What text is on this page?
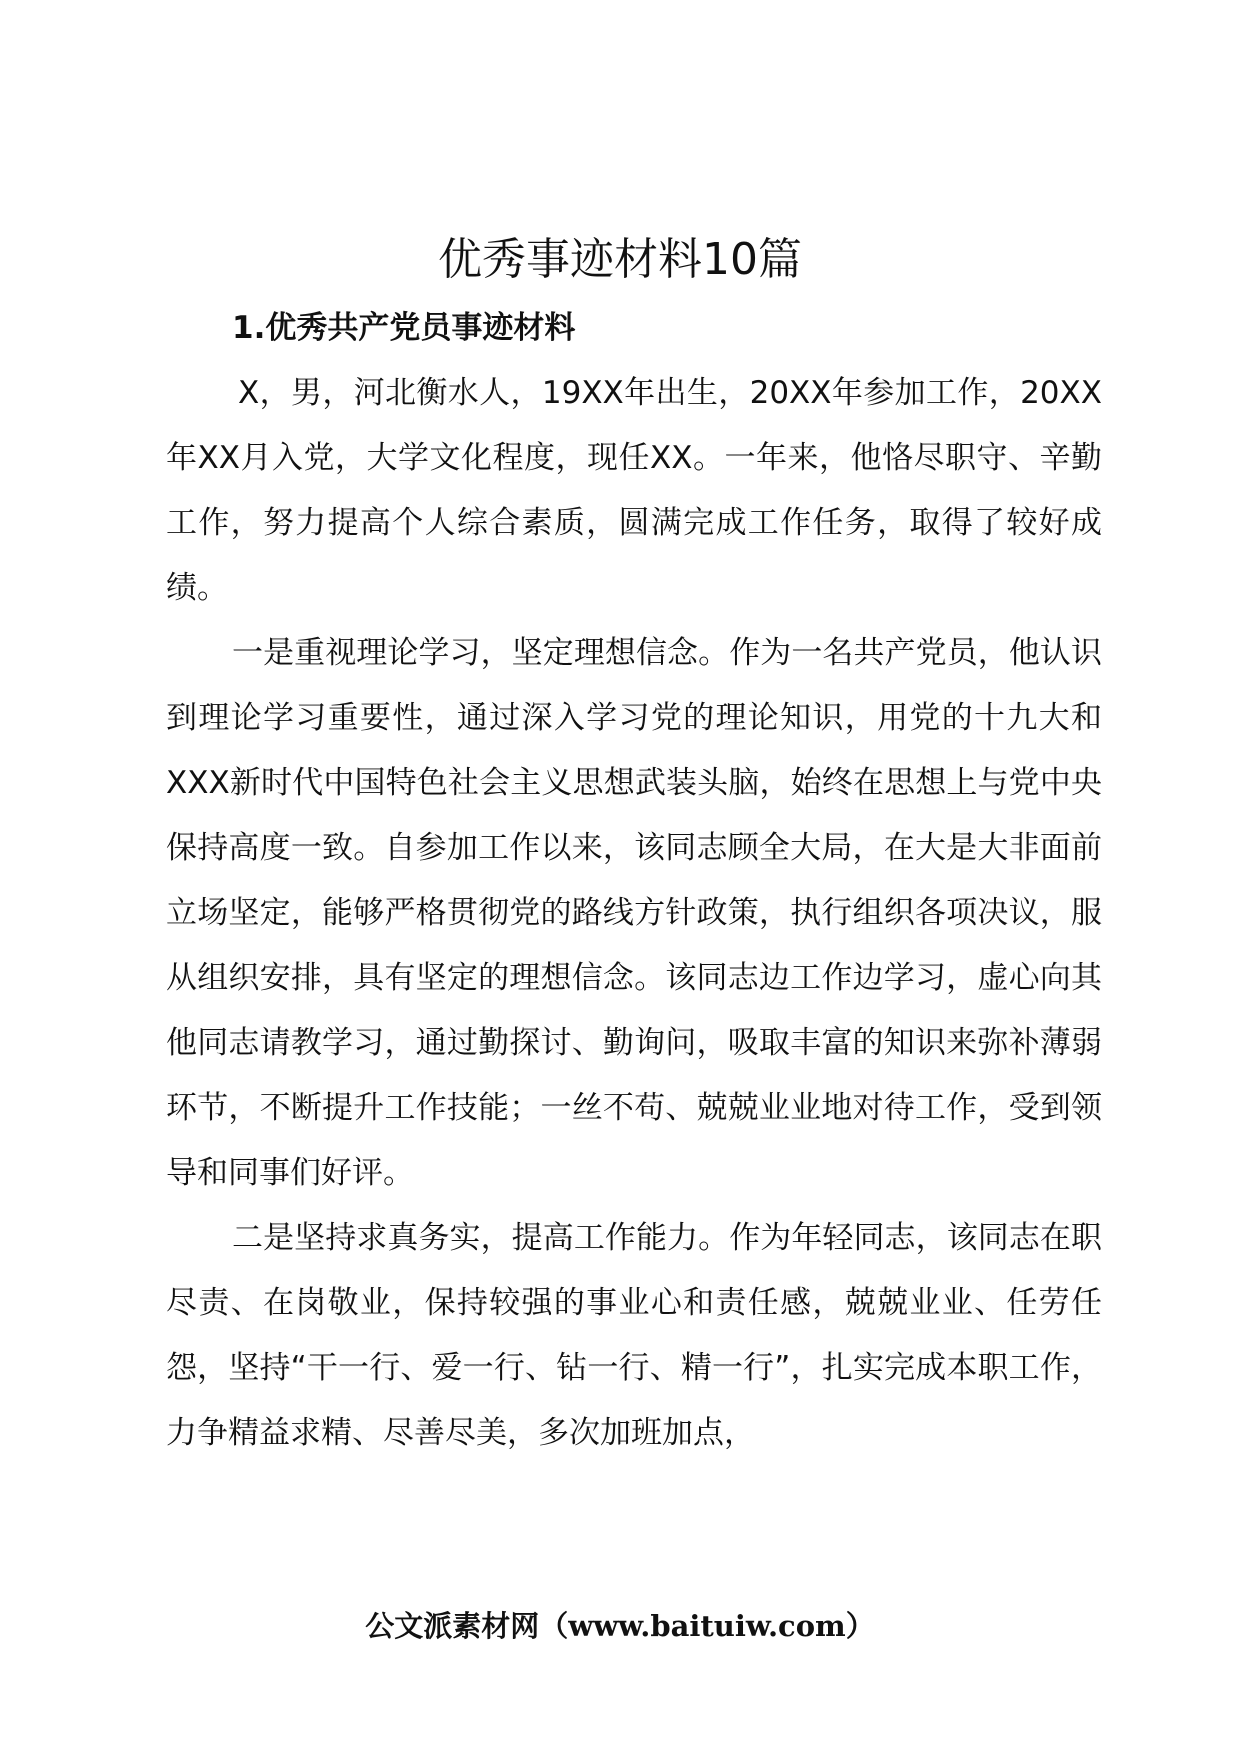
优秀事迹材料10篇

1.优秀共产党员事迹材料

X，男，河北衡水人，19XX年出生，20XX年参加工作，20XX年XX月入党，大学文化程度，现任XX。一年来，他恪尽职守、辛勤工作，努力提高个人综合素质，圆满完成工作任务，取得了较好成绩。

一是重视理论学习，坚定理想信念。作为一名共产党员，他认识到理论学习重要性，通过深入学习党的理论知识，用党的十九大和XXX新时代中国特色社会主义思想武装头脑，始终在思想上与党中央保持高度一致。自参加工作以来，该同志顾全大局，在大是大非面前立场坚定，能够严格贯彻党的路线方针政策，执行组织各项决议，服从组织安排，具有坚定的理想信念。该同志边工作边学习，虚心向其他同志请教学习，通过勤探讨、勤询问，吸取丰富的知识来弥补薄弱环节，不断提升工作技能；一丝不苟、兢兢业业地对待工作，受到领导和同事们好评。

二是坚持求真务实，提高工作能力。作为年轻同志，该同志在职尽责、在岗敬业，保持较强的事业心和责任感，兢兢业业、任劳任怨，坚持“干一行、爱一行、钻一行、精一行”，扎实完成本职工作，力争精益求精、尽善尽美，多次加班加点，

公文派素材网（www.baituiw.com）
